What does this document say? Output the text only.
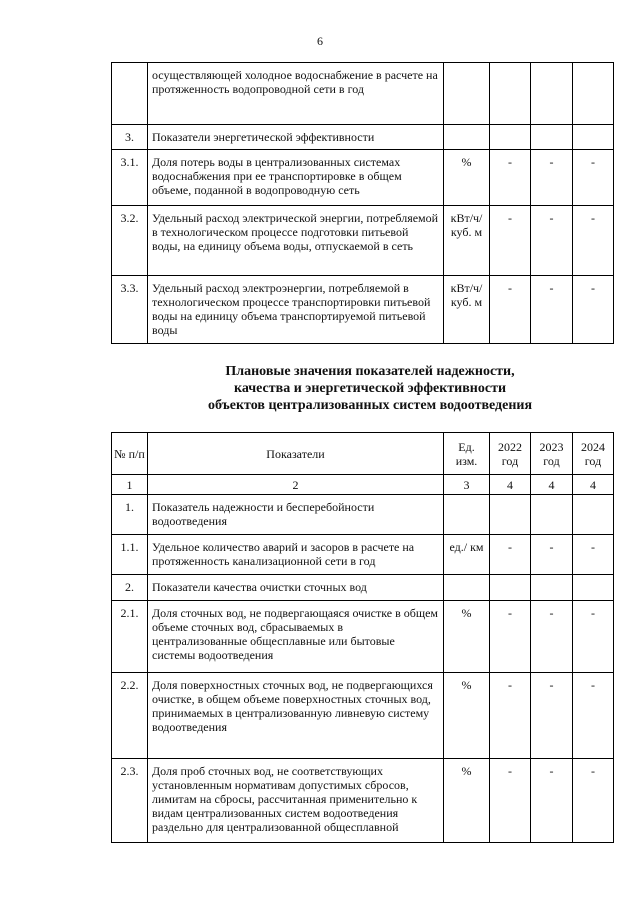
6
	осуществляющей холодное водоснабжение в расчете на протяженность водопроводной сети в год				
3.	Показатели энергетической эффективности				
3.1.	Доля потерь воды в централизованных системах водоснабжения при ее транспортировке в общем объеме, поданной в водопроводную сеть	%	-	-	-
3.2.	Удельный расход электрической энергии, потребляемой в технологическом процессе подготовки питьевой воды, на единицу объема воды, отпускаемой в сеть	кВт/ч/ куб. м	-	-	-
3.3.	Удельный расход электроэнергии, потребляемой в технологическом процессе транспортировки питьевой воды на единицу объема транспортируемой питьевой воды	кВт/ч/ куб. м	-	-	-
Плановые значения показателей надежности,
качества и энергетической эффективности
объектов централизованных систем водоотведения
№ п/п	Показатели	Ед. изм.	2022 год	2023 год	2024 год
1	2	3	4	4	4
1.	Показатель надежности и бесперебойности водоотведения				
1.1.	Удельное количество аварий и засоров в расчете на протяженность канализационной сети в год	ед./ км	-	-	-
2.	Показатели качества очистки сточных вод				
2.1.	Доля сточных вод, не подвергающаяся очистке в общем объеме сточных вод, сбрасываемых в централизованные общесплавные или бытовые системы водоотведения	%	-	-	-
2.2.	Доля поверхностных сточных вод, не подвергающихся очистке, в общем объеме поверхностных сточных вод, принимаемых в централизованную ливневую систему водоотведения	%	-	-	-
2.3.	Доля проб сточных вод, не соответствующих установленным нормативам допустимых сбросов, лимитам на сбросы, рассчитанная применительно к видам централизованных систем водоотведения раздельно для централизованной общесплавной	%	-	-	-
